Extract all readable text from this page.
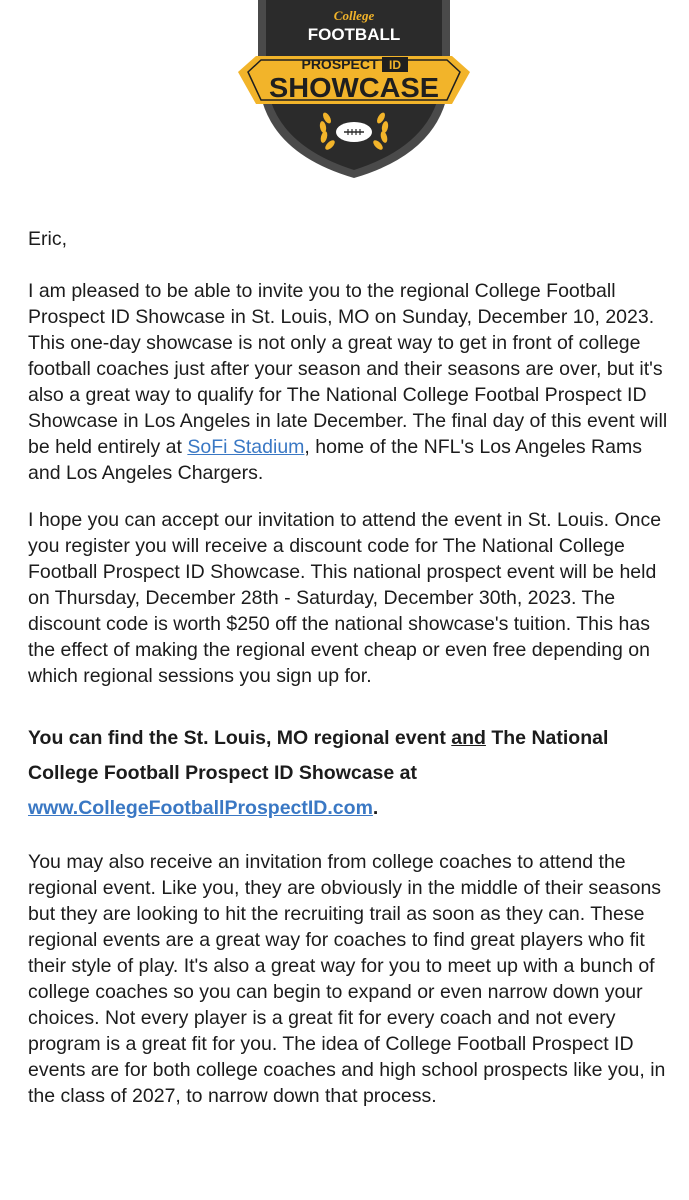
College
FOOTBALL
PROSPECT ID
SHOWCASE

Eric,

I am pleased to be able to invite you to the regional College Football Prospect ID Showcase in St. Louis, MO on Sunday, December 10, 2023. This one-day showcase is not only a great way to get in front of college football coaches just after your season and their seasons are over, but it's also a great way to qualify for The National College Footbal Prospect ID Showcase in Los Angeles in late December. The final day of this event will be held entirely at SoFi Stadium, home of the NFL's Los Angeles Rams and Los Angeles Chargers.

I hope you can accept our invitation to attend the event in St. Louis. Once you register you will receive a discount code for The National College Football Prospect ID Showcase. This national prospect event will be held on Thursday, December 28th - Saturday, December 30th, 2023. The discount code is worth $250 off the national showcase's tuition. This has the effect of making the regional event cheap or even free depending on which regional sessions you sign up for.

You can find the St. Louis, MO regional event and The National College Football Prospect ID Showcase at www.CollegeFootballProspectID.com.

You may also receive an invitation from college coaches to attend the regional event. Like you, they are obviously in the middle of their seasons but they are looking to hit the recruiting trail as soon as they can. These regional events are a great way for coaches to find great players who fit their style of play. It's also a great way for you to meet up with a bunch of college coaches so you can begin to expand or even narrow down your choices. Not every player is a great fit for every coach and not every program is a great fit for you. The idea of College Football Prospect ID events are for both college coaches and high school prospects like you, in the class of 2027, to narrow down that process.
